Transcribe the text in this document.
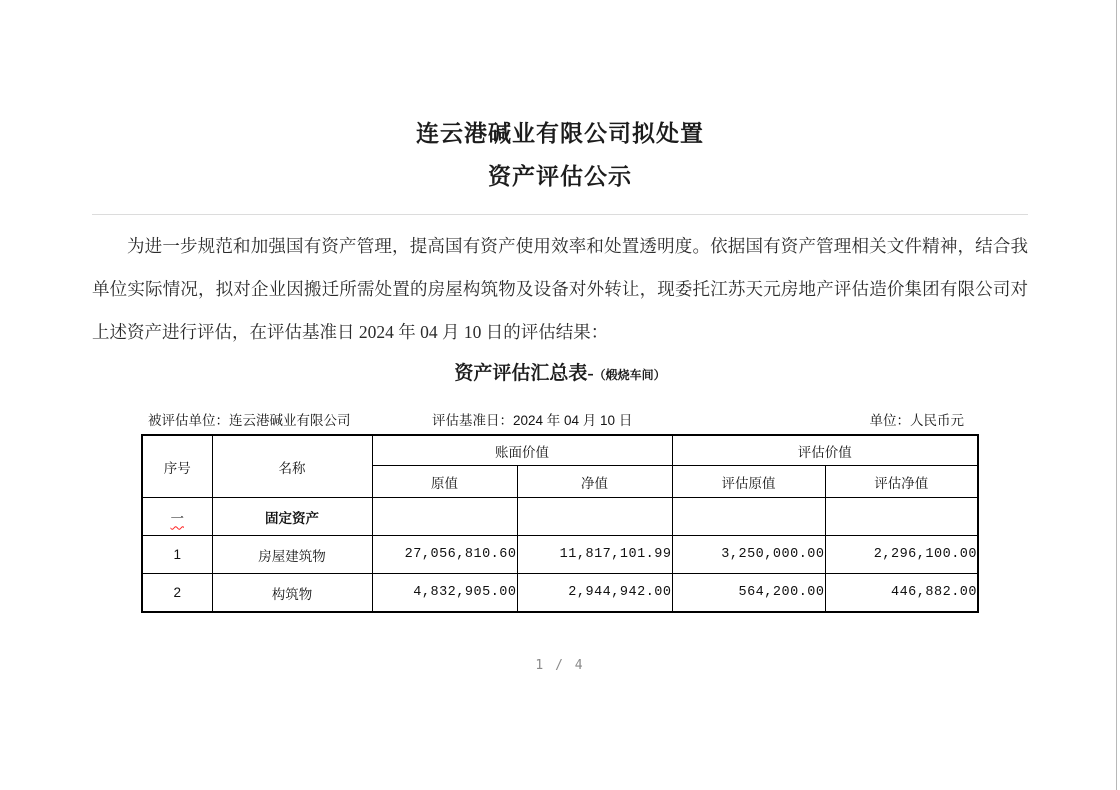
连云港碱业有限公司拟处置
资产评估公示

为进一步规范和加强国有资产管理，提高国有资产使用效率和处置透明度。依据国有资产管理相关文件精神，结合我单位实际情况，拟对企业因搬迁所需处置的房屋构筑物及设备对外转让，现委托江苏天元房地产评估造价集团有限公司对上述资产进行评估，在评估基准日 2024 年 04 月 10 日的评估结果：

资产评估汇总表-（煅烧车间）
被评估单位：连云港碱业有限公司	评估基准日：2024 年 04 月 10 日	单位：人民币元
序号	名称	账面价值		评估价值	
		原值	净值	评估原值	评估净值
一	固定资产				
1	房屋建筑物	27,056,810.60	11,817,101.99	3,250,000.00	2,296,100.00
2	构筑物	4,832,905.00	2,944,942.00	564,200.00	446,882.00
1 / 4
